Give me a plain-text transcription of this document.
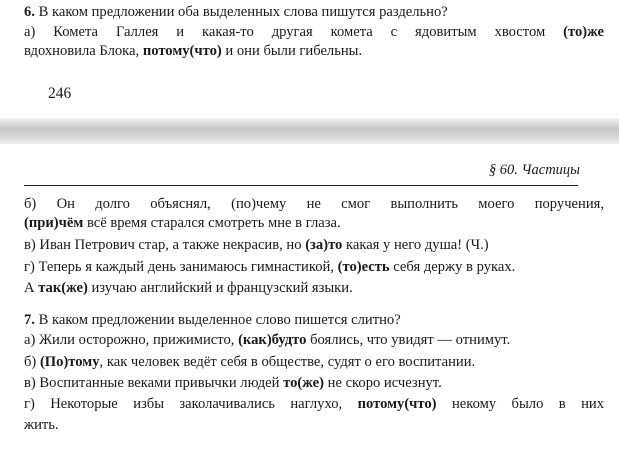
6. В каком предложении оба выделенных слова пишутся раздельно?
а) Комета Галлея и какая-то другая комета с ядовитым хвостом (то)же
вдохновила Блока, потому(что) и они были гибельны.
246
§ 60. Частицы
б) Он долго объяснял, (по)чему не смог выполнить моего поручения,
(при)чём всё время старался смотреть мне в глаза.
в) Иван Петрович стар, а также некрасив, но (за)то какая у него душа! (Ч.)
г) Теперь я каждый день занимаюсь гимнастикой, (то)есть себя держу в руках.
А так(же) изучаю английский и французский языки.
7. В каком предложении выделенное слово пишется слитно?
а) Жили осторожно, прижимисто, (как)будто боялись, что увидят — отнимут.
б) (По)тому, как человек ведёт себя в обществе, судят о его воспитании.
в) Воспитанные веками привычки людей то(же) не скоро исчезнут.
г) Некоторые избы заколачивались наглухо, потому(что) некому было в них
жить.
